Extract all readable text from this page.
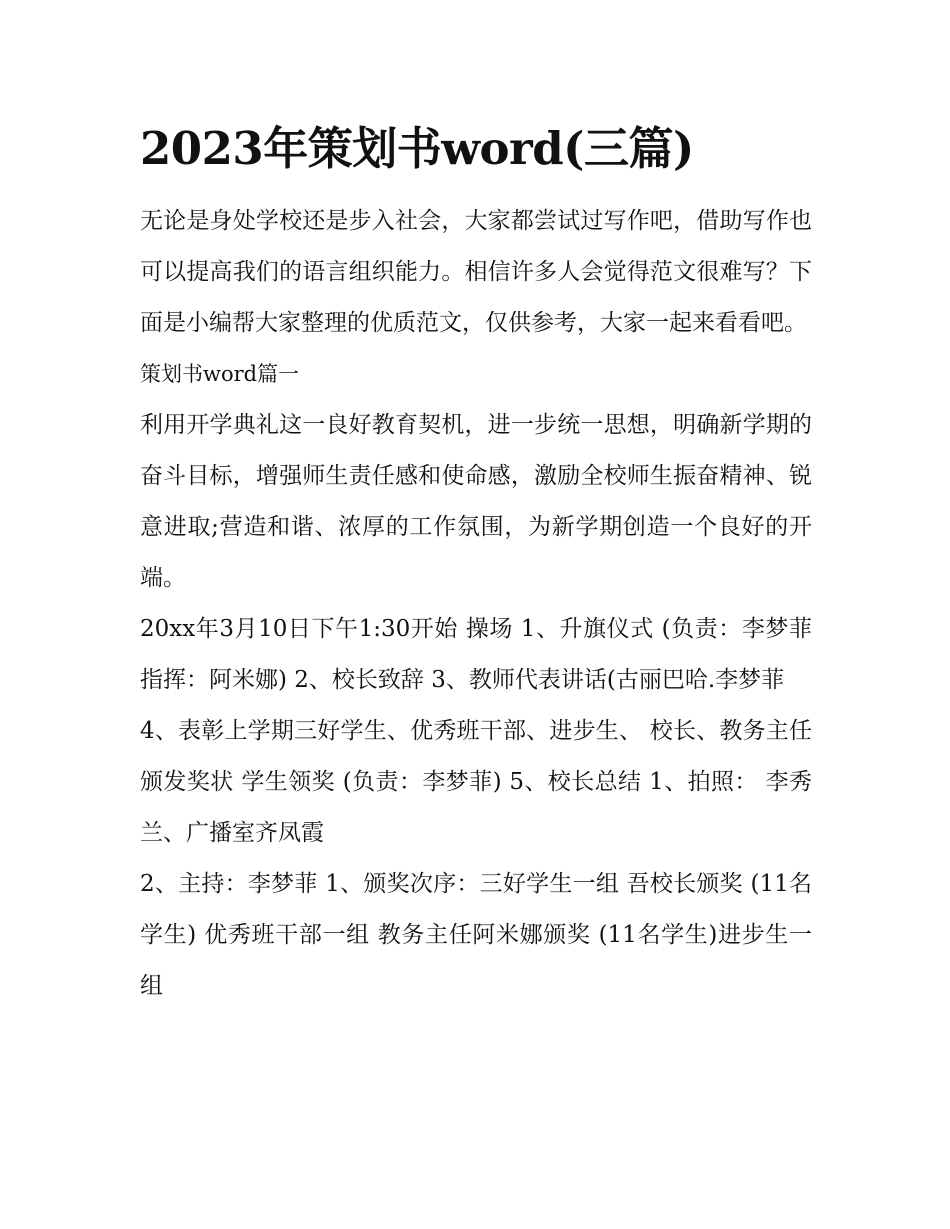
2023年策划书word(三篇)

无论是身处学校还是步入社会，大家都尝试过写作吧，借助写作也可以提高我们的语言组织能力。相信许多人会觉得范文很难写？下面是小编帮大家整理的优质范文，仅供参考，大家一起来看看吧。

策划书word篇一

利用开学典礼这一良好教育契机，进一步统一思想，明确新学期的奋斗目标，增强师生责任感和使命感，激励全校师生振奋精神、锐意进取;营造和谐、浓厚的工作氛围，为新学期创造一个良好的开端。

20xx年3月10日下午1:30开始 操场 1、升旗仪式 (负责：李梦菲 指挥：阿米娜) 2、校长致辞 3、教师代表讲话(古丽巴哈.李梦菲

4、表彰上学期三好学生、优秀班干部、进步生、 校长、教务主任颁发奖状 学生领奖 (负责：李梦菲) 5、校长总结 1、拍照： 李秀兰、广播室齐凤霞

2、主持：李梦菲 1、颁奖次序：三好学生一组 吾校长颁奖 (11名学生) 优秀班干部一组 教务主任阿米娜颁奖 (11名学生)进步生一组
